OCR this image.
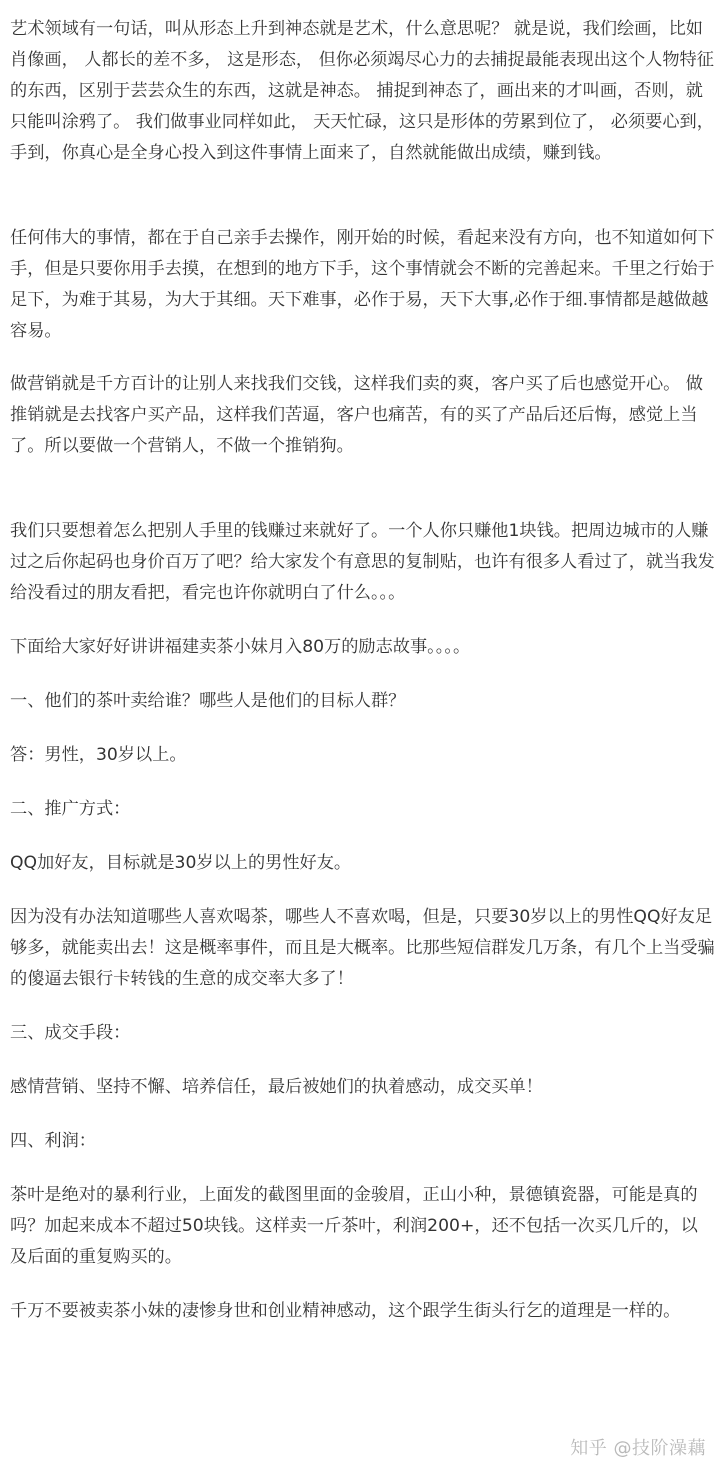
艺术领域有一句话，叫从形态上升到神态就是艺术，什么意思呢？ 就是说，我们绘画，比如肖像画， 人都长的差不多， 这是形态， 但你必须竭尽心力的去捕捉最能表现出这个人物特征的东西，区别于芸芸众生的东西，这就是神态。 捕捉到神态了，画出来的才叫画，否则，就只能叫涂鸦了。 我们做事业同样如此， 天天忙碌，这只是形体的劳累到位了， 必须要心到，手到，你真心是全身心投入到这件事情上面来了，自然就能做出成绩，赚到钱。

任何伟大的事情，都在于自己亲手去操作，刚开始的时候，看起来没有方向，也不知道如何下手，但是只要你用手去摸，在想到的地方下手，这个事情就会不断的完善起来。千里之行始于足下，为难于其易，为大于其细。天下难事，必作于易，天下大事,必作于细.事情都是越做越容易。

做营销就是千方百计的让别人来找我们交钱，这样我们卖的爽，客户买了后也感觉开心。 做推销就是去找客户买产品，这样我们苦逼，客户也痛苦，有的买了产品后还后悔，感觉上当了。所以要做一个营销人，不做一个推销狗。

我们只要想着怎么把别人手里的钱赚过来就好了。一个人你只赚他1块钱。把周边城市的人赚过之后你起码也身价百万了吧？给大家发个有意思的复制贴，也许有很多人看过了，就当我发给没看过的朋友看把，看完也许你就明白了什么。。。

下面给大家好好讲讲福建卖茶小妹月入80万的励志故事。。。。

一、他们的茶叶卖给谁？哪些人是他们的目标人群？

答：男性，30岁以上。

二、推广方式：

QQ加好友，目标就是30岁以上的男性好友。

因为没有办法知道哪些人喜欢喝茶，哪些人不喜欢喝，但是，只要30岁以上的男性QQ好友足够多，就能卖出去！这是概率事件，而且是大概率。比那些短信群发几万条，有几个上当受骗的傻逼去银行卡转钱的生意的成交率大多了！

三、成交手段：

感情营销、坚持不懈、培养信任，最后被她们的执着感动，成交买单！

四、利润：

茶叶是绝对的暴利行业，上面发的截图里面的金骏眉，正山小种，景德镇瓷器，可能是真的吗？加起来成本不超过50块钱。这样卖一斤茶叶，利润200+，还不包括一次买几斤的，以及后面的重复购买的。

千万不要被卖茶小妹的凄惨身世和创业精神感动，这个跟学生街头行乞的道理是一样的。

知乎 @技阶澡藕
